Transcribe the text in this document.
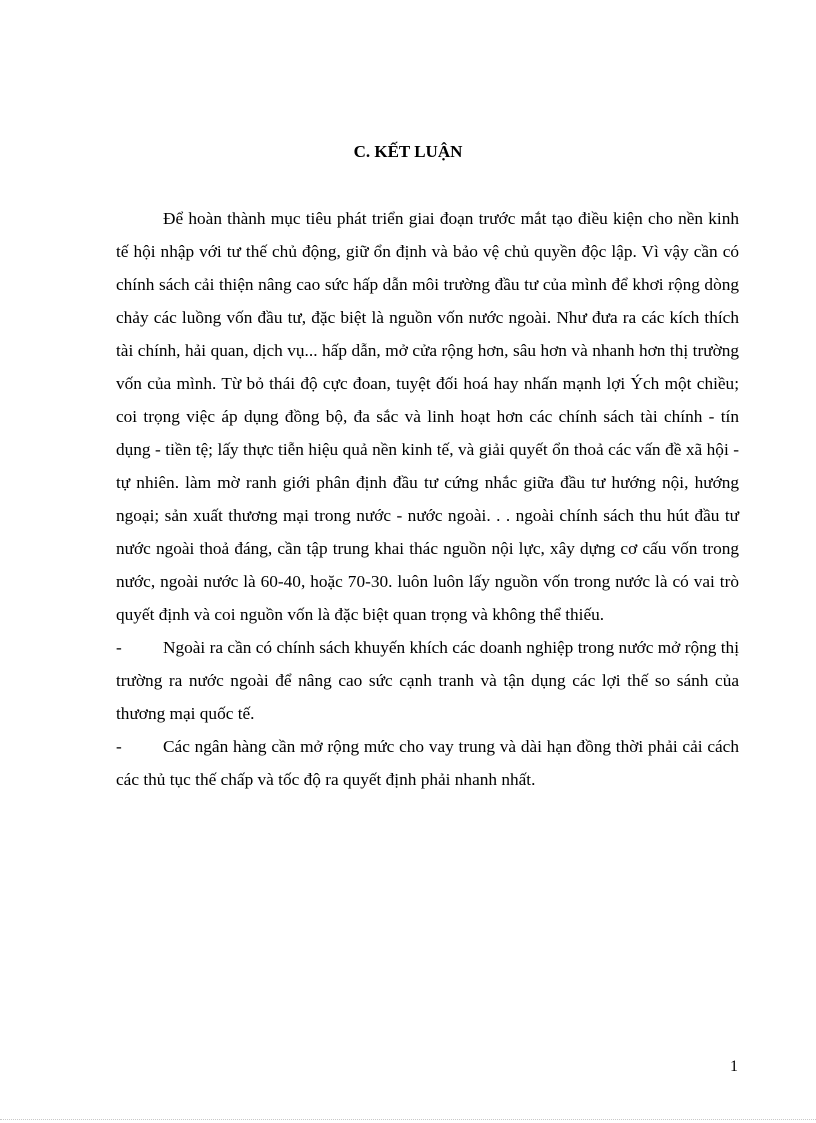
C. KẾT LUẬN

Để hoàn thành mục tiêu phát triển giai đoạn trước mắt tạo điều kiện cho nền kinh tế hội nhập với tư thế chủ động, giữ ổn định và bảo vệ chủ quyền độc lập. Vì vậy cần có chính sách cải thiện nâng cao sức hấp dẫn môi trường đầu tư của mình để khơi rộng dòng chảy các luồng vốn đầu tư, đặc biệt là nguồn vốn nước ngoài. Như đưa ra các kích thích tài chính, hải quan, dịch vụ... hấp dẫn, mở cửa rộng hơn, sâu hơn và nhanh hơn thị trường vốn của mình. Từ bỏ thái độ cực đoan, tuyệt đối hoá hay nhấn mạnh lợi Ých một chiều; coi trọng việc áp dụng đồng bộ, đa sắc và linh hoạt hơn các chính sách tài chính - tín dụng - tiền tệ; lấy thực tiễn hiệu quả nền kinh tế, và giải quyết ổn thoả các vấn đề xã hội - tự nhiên. làm mờ ranh giới phân định đầu tư cứng nhắc giữa đầu tư hướng nội, hướng ngoại; sản xuất thương mại trong nước - nước ngoài. . . ngoài chính sách thu hút đầu tư nước ngoài thoả đáng, cần tập trung khai thác nguồn nội lực, xây dựng cơ cấu vốn trong nước, ngoài nước là 60-40, hoặc 70-30. luôn luôn lấy nguồn vốn trong nước là có vai trò quyết định và coi nguồn vốn là đặc biệt quan trọng và không thể thiếu.

- Ngoài ra cần có chính sách khuyến khích các doanh nghiệp trong nước mở rộng thị trường ra nước ngoài để nâng cao sức cạnh tranh và tận dụng các lợi thế so sánh của thương mại quốc tế.

- Các ngân hàng cần mở rộng mức cho vay trung và dài hạn đồng thời phải cải cách các thủ tục thế chấp và tốc độ ra quyết định phải nhanh nhất.

1
